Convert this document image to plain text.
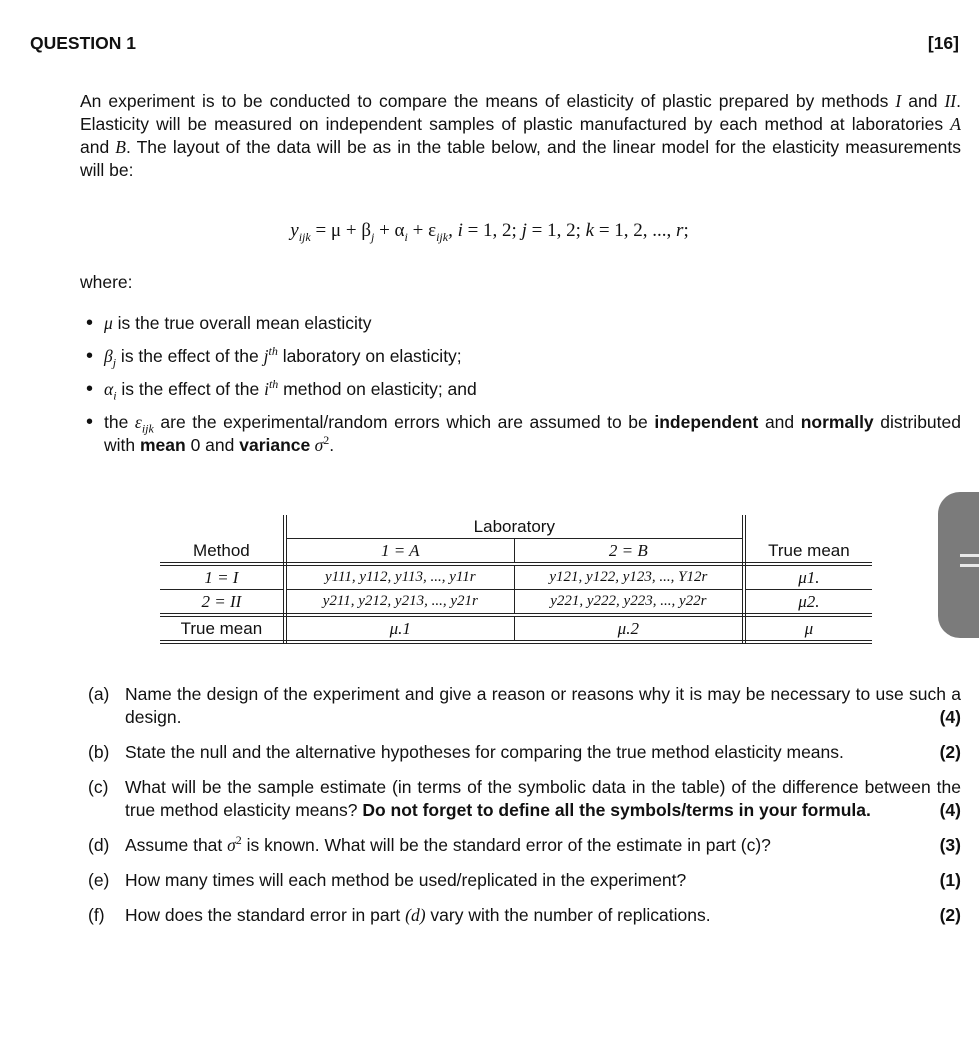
QUESTION 1	[16]
An experiment is to be conducted to compare the means of elasticity of plastic prepared by methods I and II. Elasticity will be measured on independent samples of plastic manufactured by each method at laboratories A and B. The layout of the data will be as in the table below, and the linear model for the elasticity measurements will be:
$y_{ijk} = \mu + \beta_j + \alpha_i + \varepsilon_{ijk}$, i = 1, 2; j = 1, 2; k = 1, 2, ..., r;
where:
• μ is the true overall mean elasticity
• $\beta_j$ is the effect of the $j^{th}$ laboratory on elasticity;
• $\alpha_i$ is the effect of the $i^{th}$ method on elasticity; and
• the $\varepsilon_{ijk}$ are the experimental/random errors which are assumed to be independent and normally distributed with mean 0 and variance $\sigma^2$.
	Laboratory		
Method	1 = A	2 = B	True mean
1 = I	y111, y112, y113, ..., y11r	y121, y122, y123, ..., Y12r	μ1.
2 = II	y211, y212, y213, ..., y21r	y221, y222, y223, ..., y22r	μ2.
True mean	μ.1	μ.2	μ
(a) Name the design of the experiment and give a reason or reasons why it is may be necessary to use such a design.	(4)
(b) State the null and the alternative hypotheses for comparing the true method elasticity means.	(2)
(c) What will be the sample estimate (in terms of the symbolic data in the table) of the difference between the true method elasticity means? Do not forget to define all the symbols/terms in your formula.	(4)
(d) Assume that $\sigma^2$ is known. What will be the standard error of the estimate in part (c)?	(3)
(e) How many times will each method be used/replicated in the experiment?	(1)
(f) How does the standard error in part (d) vary with the number of replications.	(2)
